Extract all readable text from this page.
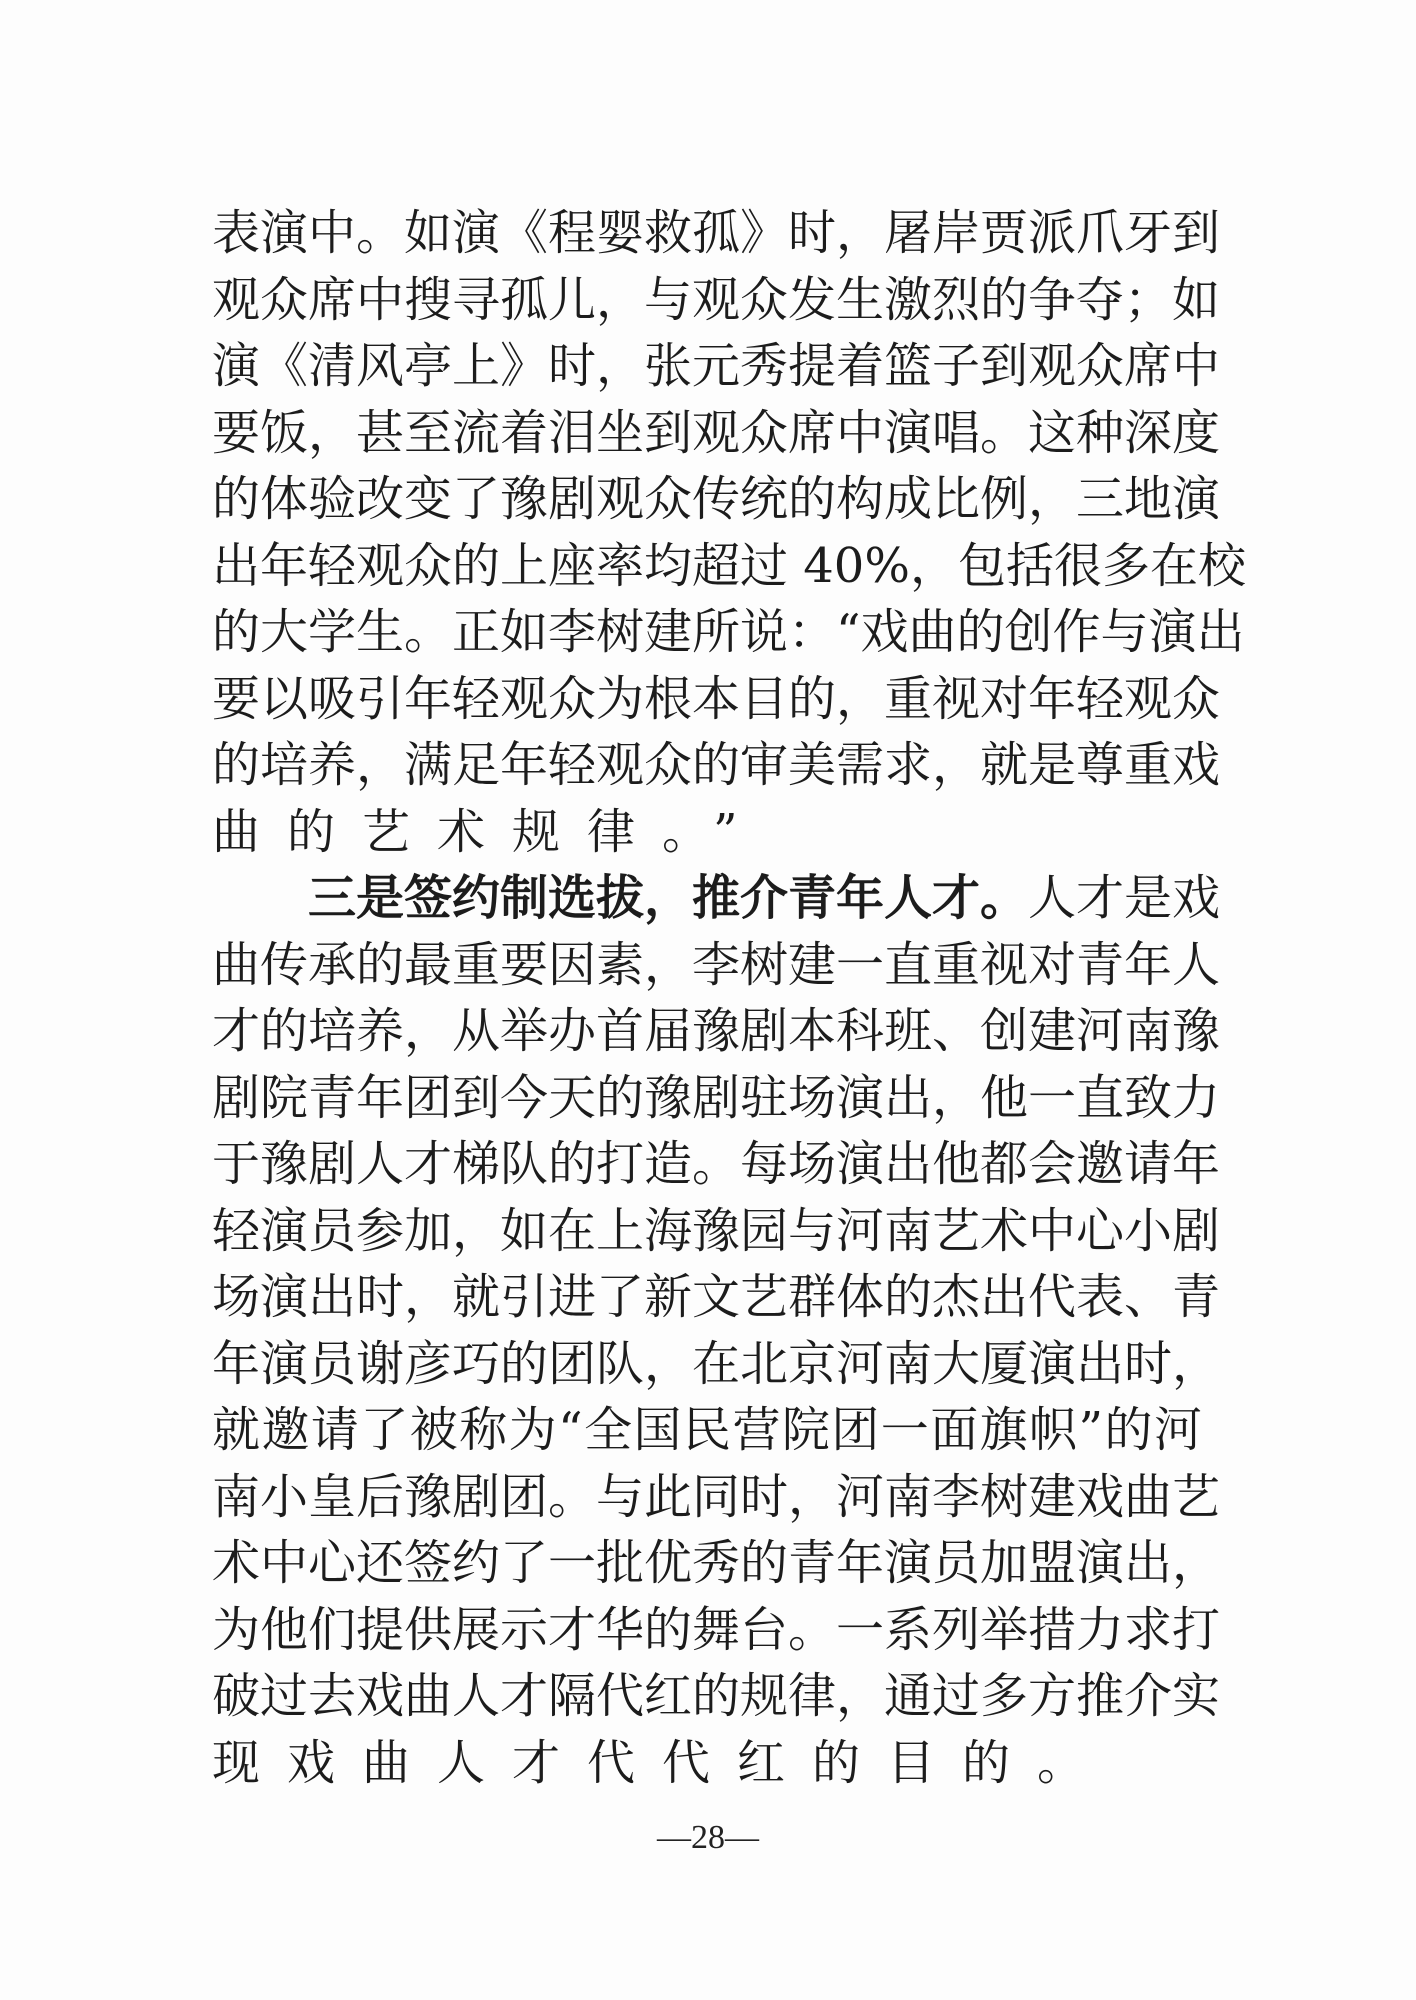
表演中。如演《程婴救孤》时，屠岸贾派爪牙到
观众席中搜寻孤儿，与观众发生激烈的争夺；如
演《清风亭上》时，张元秀提着篮子到观众席中
要饭，甚至流着泪坐到观众席中演唱。这种深度
的体验改变了豫剧观众传统的构成比例，三地演
出年轻观众的上座率均超过 40%，包括很多在校
的大学生。正如李树建所说：“戏曲的创作与演出
要以吸引年轻观众为根本目的，重视对年轻观众
的培养，满足年轻观众的审美需求，就是尊重戏
曲的艺术规律。”
三是签约制选拔，推介青年人才。人才是戏
曲传承的最重要因素，李树建一直重视对青年人
才的培养，从举办首届豫剧本科班、创建河南豫
剧院青年团到今天的豫剧驻场演出，他一直致力
于豫剧人才梯队的打造。每场演出他都会邀请年
轻演员参加，如在上海豫园与河南艺术中心小剧
场演出时，就引进了新文艺群体的杰出代表、青
年演员谢彦巧的团队，在北京河南大厦演出时，
就邀请了被称为“全国民营院团一面旗帜”的河
南小皇后豫剧团。与此同时，河南李树建戏曲艺
术中心还签约了一批优秀的青年演员加盟演出，
为他们提供展示才华的舞台。一系列举措力求打
破过去戏曲人才隔代红的规律，通过多方推介实
现戏曲人才代代红的目的。
—28—
